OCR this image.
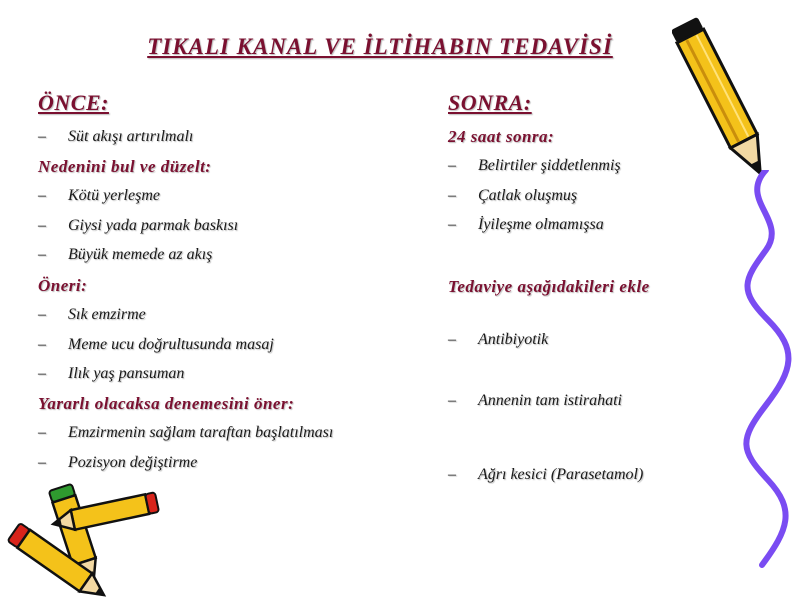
TIKALI KANAL VE İLTİHABIN TEDAVİSİ
ÖNCE:
– Süt akışı artırılmalı
Nedenini bul ve düzelt:
– Kötü yerleşme
– Giysi yada parmak baskısı
– Büyük memede az akış
Öneri:
– Sık emzirme
– Meme ucu doğrultusunda masaj
– Ilık yaş pansuman
Yararlı olacaksa denemesini öner:
– Emzirmenin sağlam taraftan başlatılması
– Pozisyon değiştirme
SONRA:
24 saat sonra:
– Belirtiler şiddetlenmiş
– Çatlak oluşmuş
– İyileşme olmamışsa
Tedaviye aşağıdakileri ekle
– Antibiyotik
– Annenin tam istirahati
– Ağrı kesici (Parasetamol)
